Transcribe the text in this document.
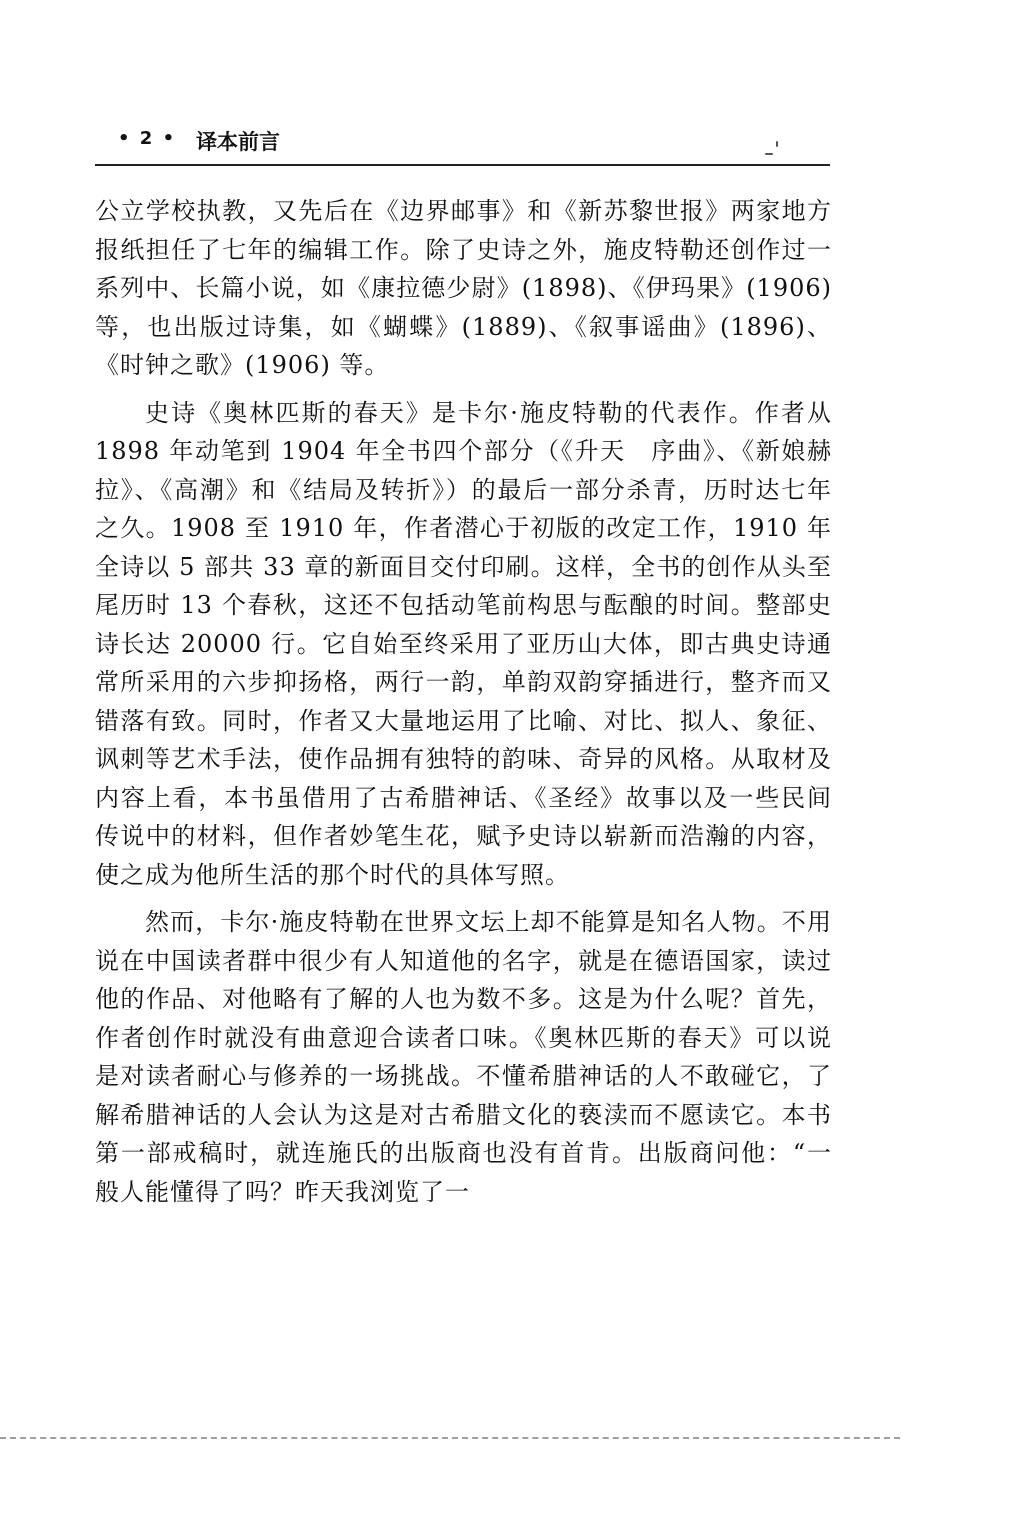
• 2 • 译本前言

公立学校执教，又先后在《边界邮事》和《新苏黎世报》两家地方报纸担任了七年的编辑工作。除了史诗之外，施皮特勒还创作过一系列中、长篇小说，如《康拉德少尉》(1898)、《伊玛果》(1906) 等，也出版过诗集，如《蝴蝶》(1889)、《叙事谣曲》(1896)、《时钟之歌》(1906) 等。

史诗《奥林匹斯的春天》是卡尔·施皮特勒的代表作。作者从 1898 年动笔到 1904 年全书四个部分（《升天　序曲》、《新娘赫拉》、《高潮》和《结局及转折》）的最后一部分杀青，历时达七年之久。1908 至 1910 年，作者潜心于初版的改定工作，1910 年全诗以 5 部共 33 章的新面目交付印刷。这样，全书的创作从头至尾历时 13 个春秋，这还不包括动笔前构思与酝酿的时间。整部史诗长达 20000 行。它自始至终采用了亚历山大体，即古典史诗通常所采用的六步抑扬格，两行一韵，单韵双韵穿插进行，整齐而又错落有致。同时，作者又大量地运用了比喻、对比、拟人、象征、讽刺等艺术手法，使作品拥有独特的韵味、奇异的风格。从取材及内容上看，本书虽借用了古希腊神话、《圣经》故事以及一些民间传说中的材料，但作者妙笔生花，赋予史诗以崭新而浩瀚的内容，使之成为他所生活的那个时代的具体写照。

然而，卡尔·施皮特勒在世界文坛上却不能算是知名人物。不用说在中国读者群中很少有人知道他的名字，就是在德语国家，读过他的作品、对他略有了解的人也为数不多。这是为什么呢？首先，作者创作时就没有曲意迎合读者口味。《奥林匹斯的春天》可以说是对读者耐心与修养的一场挑战。不懂希腊神话的人不敢碰它，了解希腊神话的人会认为这是对古希腊文化的亵渎而不愿读它。本书第一部戒稿时，就连施氏的出版商也没有首肯。出版商问他：“一般人能懂得了吗？昨天我浏览了一
